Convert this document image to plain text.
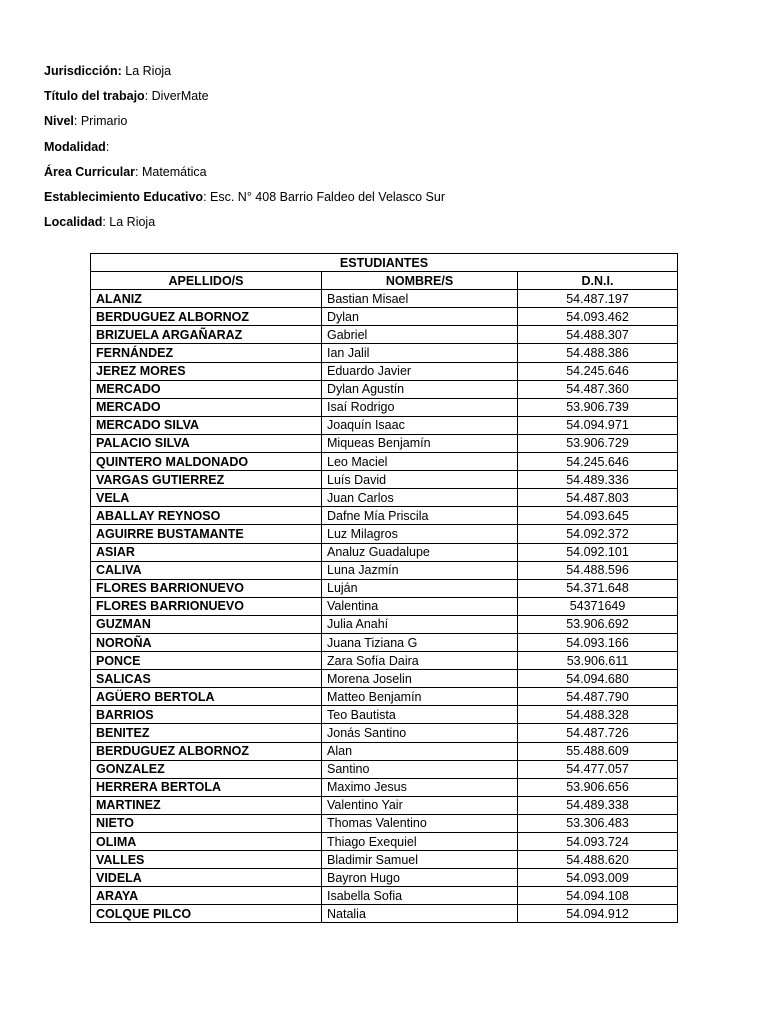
Jurisdicción: La Rioja
Título del trabajo: DiverMate
Nivel: Primario
Modalidad:
Área Curricular: Matemática
Establecimiento Educativo: Esc. N° 408 Barrio Faldeo del Velasco Sur
Localidad: La Rioja
ESTUDIANTES		
APELLIDO/S	NOMBRE/S	D.N.I.
ALANIZ	Bastian Misael	54.487.197
BERDUGUEZ ALBORNOZ	Dylan	54.093.462
BRIZUELA ARGAÑARAZ	Gabriel	54.488.307
FERNÁNDEZ	Ian Jalil	54.488.386
JEREZ MORES	Eduardo Javier	54.245.646
MERCADO	Dylan Agustín	54.487.360
MERCADO	Isaí Rodrigo	53.906.739
MERCADO SILVA	Joaquín Isaac	54.094.971
PALACIO SILVA	Miqueas Benjamín	53.906.729
QUINTERO MALDONADO	Leo Maciel	54.245.646
VARGAS GUTIERREZ	Luís David	54.489.336
VELA	Juan Carlos	54.487.803
ABALLAY REYNOSO	Dafne Mía Priscila	54.093.645
AGUIRRE BUSTAMANTE	Luz Milagros	54.092.372
ASIAR	Analuz Guadalupe	54.092.101
CALIVA	Luna Jazmín	54.488.596
FLORES BARRIONUEVO	Luján	54.371.648
FLORES BARRIONUEVO	Valentina	54371649
GUZMAN	Julia Anahí	53.906.692
NOROÑA	Juana Tiziana G	54.093.166
PONCE	Zara Sofía Daira	53.906.611
SALICAS	Morena Joselin	54.094.680
AGÜERO BERTOLA	Matteo Benjamín	54.487.790
BARRIOS	Teo Bautista	54.488.328
BENITEZ	Jonás Santino	54.487.726
BERDUGUEZ ALBORNOZ	Alan	55.488.609
GONZALEZ	Santino	54.477.057
HERRERA BERTOLA	Maximo Jesus	53.906.656
MARTINEZ	Valentino Yair	54.489.338
NIETO	Thomas Valentino	53.306.483
OLIMA	Thiago Exequiel	54.093.724
VALLES	Bladimir Samuel	54.488.620
VIDELA	Bayron Hugo	54.093.009
ARAYA	Isabella Sofia	54.094.108
COLQUE PILCO	Natalia	54.094.912
